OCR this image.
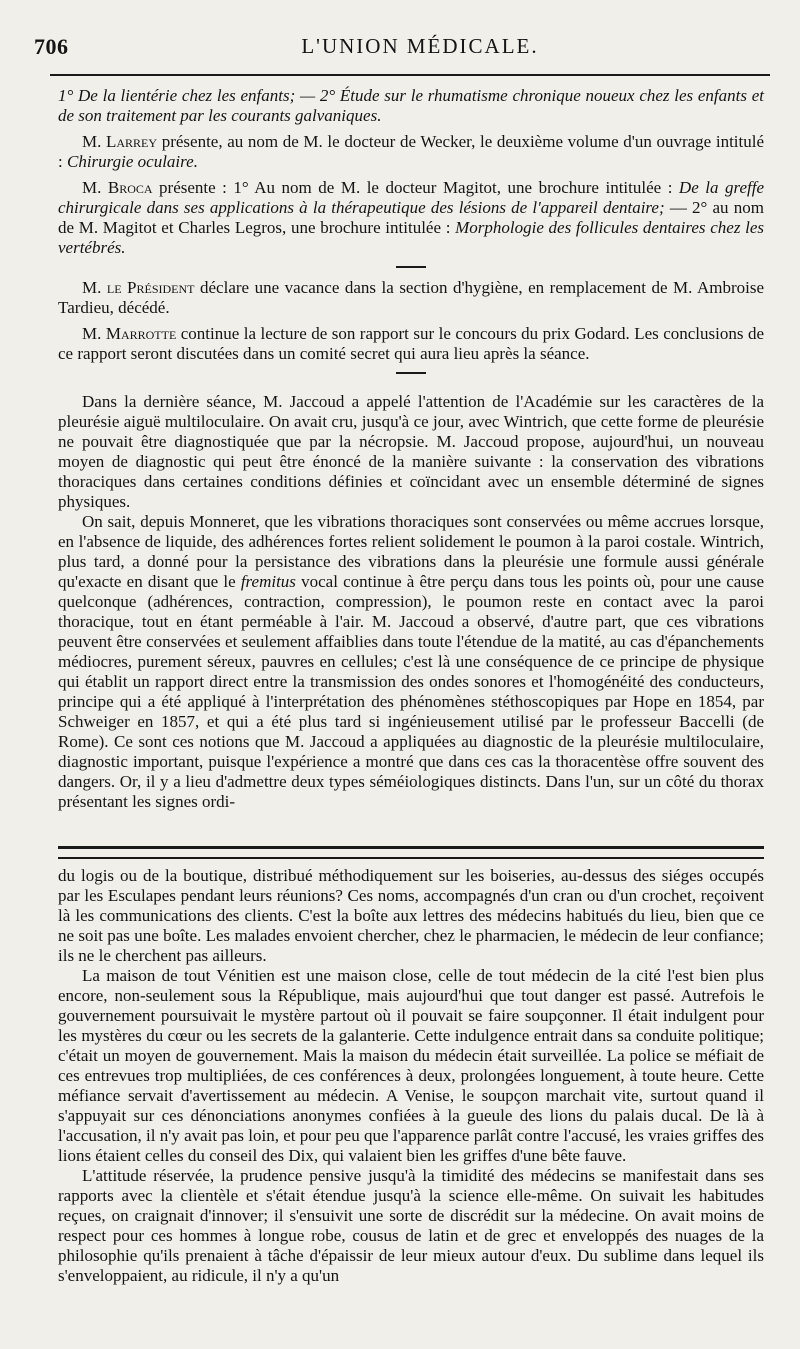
706	L'UNION MÉDICALE.

1° De la lientérie chez les enfants; — 2° Étude sur le rhumatisme chronique noueux chez les enfants et de son traitement par les courants galvaniques.

M. Larrey présente, au nom de M. le docteur de Wecker, le deuxième volume d'un ouvrage intitulé : Chirurgie oculaire.

M. Broca présente : 1° Au nom de M. le docteur Magitot, une brochure intitulée : De la greffe chirurgicale dans ses applications à la thérapeutique des lésions de l'appareil dentaire; — 2° au nom de M. Magitot et Charles Legros, une brochure intitulée : Morphologie des follicules dentaires chez les vertébrés.

M. le Président déclare une vacance dans la section d'hygiène, en remplacement de M. Ambroise Tardieu, décédé.

M. Marrotte continue la lecture de son rapport sur le concours du prix Godard. Les conclusions de ce rapport seront discutées dans un comité secret qui aura lieu après la séance.

Dans la dernière séance, M. Jaccoud a appelé l'attention de l'Académie sur les caractères de la pleurésie aiguë multiloculaire. On avait cru, jusqu'à ce jour, avec Wintrich, que cette forme de pleurésie ne pouvait être diagnostiquée que par la nécropsie. M. Jaccoud propose, aujourd'hui, un nouveau moyen de diagnostic qui peut être énoncé de la manière suivante : la conservation des vibrations thoraciques dans certaines conditions définies et coïncidant avec un ensemble déterminé de signes physiques.

On sait, depuis Monneret, que les vibrations thoraciques sont conservées ou même accrues lorsque, en l'absence de liquide, des adhérences fortes relient solidement le poumon à la paroi costale. Wintrich, plus tard, a donné pour la persistance des vibrations dans la pleurésie une formule aussi générale qu'exacte en disant que le fremitus vocal continue à être perçu dans tous les points où, pour une cause quelconque (adhérences, contraction, compression), le poumon reste en contact avec la paroi thoracique, tout en étant perméable à l'air. M. Jaccoud a observé, d'autre part, que ces vibrations peuvent être conservées et seulement affaiblies dans toute l'étendue de la matité, au cas d'épanchements médiocres, purement séreux, pauvres en cellules; c'est là une conséquence de ce principe de physique qui établit un rapport direct entre la transmission des ondes sonores et l'homogénéité des conducteurs, principe qui a été appliqué à l'interprétation des phénomènes stéthoscopiques par Hope en 1854, par Schweiger en 1857, et qui a été plus tard si ingénieusement utilisé par le professeur Baccelli (de Rome). Ce sont ces notions que M. Jaccoud a appliquées au diagnostic de la pleurésie multiloculaire, diagnostic important, puisque l'expérience a montré que dans ces cas la thoracentèse offre souvent des dangers. Or, il y a lieu d'admettre deux types séméiologiques distincts. Dans l'un, sur un côté du thorax présentant les signes ordi-

du logis ou de la boutique, distribué méthodiquement sur les boiseries, au-dessus des siéges occupés par les Esculapes pendant leurs réunions? Ces noms, accompagnés d'un cran ou d'un crochet, reçoivent là les communications des clients. C'est la boîte aux lettres des médecins habitués du lieu, bien que ce ne soit pas une boîte. Les malades envoient chercher, chez le pharmacien, le médecin de leur confiance; ils ne le cherchent pas ailleurs.

La maison de tout Vénitien est une maison close, celle de tout médecin de la cité l'est bien plus encore, non-seulement sous la République, mais aujourd'hui que tout danger est passé. Autrefois le gouvernement poursuivait le mystère partout où il pouvait se faire soupçonner. Il était indulgent pour les mystères du cœur ou les secrets de la galanterie. Cette indulgence entrait dans sa conduite politique; c'était un moyen de gouvernement. Mais la maison du médecin était surveillée. La police se méfiait de ces entrevues trop multipliées, de ces conférences à deux, prolongées longuement, à toute heure. Cette méfiance servait d'avertissement au médecin. A Venise, le soupçon marchait vite, surtout quand il s'appuyait sur ces dénonciations anonymes confiées à la gueule des lions du palais ducal. De là à l'accusation, il n'y avait pas loin, et pour peu que l'apparence parlât contre l'accusé, les vraies griffes des lions étaient celles du conseil des Dix, qui valaient bien les griffes d'une bête fauve.

L'attitude réservée, la prudence pensive jusqu'à la timidité des médecins se manifestait dans ses rapports avec la clientèle et s'était étendue jusqu'à la science elle-même. On suivait les habitudes reçues, on craignait d'innover; il s'ensuivit une sorte de discrédit sur la médecine. On avait moins de respect pour ces hommes à longue robe, cousus de latin et de grec et enveloppés des nuages de la philosophie qu'ils prenaient à tâche d'épaissir de leur mieux autour d'eux. Du sublime dans lequel ils s'enveloppaient, au ridicule, il n'y a qu'un
